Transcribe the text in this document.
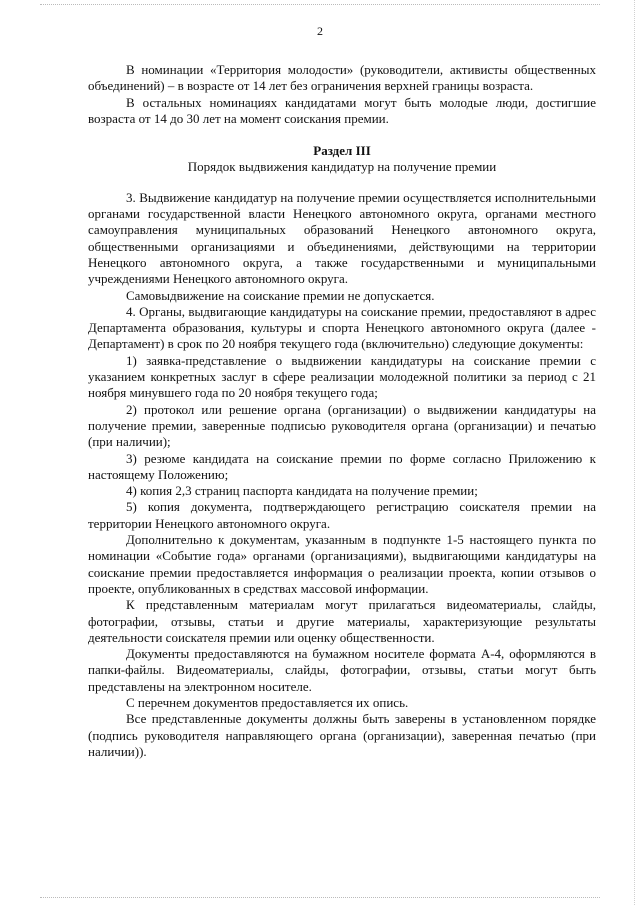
2

В номинации «Территория молодости» (руководители, активисты общественных объединений) – в возрасте от 14 лет без ограничения верхней границы возраста.

В остальных номинациях кандидатами могут быть молодые люди, достигшие возраста от 14 до 30 лет на момент соискания премии.

Раздел III

Порядок выдвижения кандидатур на получение премии

3. Выдвижение кандидатур на получение премии осуществляется исполнительными органами государственной власти Ненецкого автономного округа, органами местного самоуправления муниципальных образований Ненецкого автономного округа, общественными организациями и объединениями, действующими на территории Ненецкого автономного округа, а также государственными и муниципальными учреждениями Ненецкого автономного округа.

Самовыдвижение на соискание премии не допускается.

4. Органы, выдвигающие кандидатуры на соискание премии, предоставляют в адрес Департамента образования, культуры и спорта Ненецкого автономного округа (далее - Департамент) в срок по 20 ноября текущего года (включительно) следующие документы:

1) заявка-представление о выдвижении кандидатуры на соискание премии с указанием конкретных заслуг в сфере реализации молодежной политики за период с 21 ноября минувшего года по 20 ноября текущего года;

2) протокол или решение органа (организации) о выдвижении кандидатуры на получение премии, заверенные подписью руководителя органа (организации) и печатью (при наличии);

3) резюме кандидата на соискание премии по форме согласно Приложению к настоящему Положению;

4) копия 2,3 страниц паспорта кандидата на получение премии;

5) копия документа, подтверждающего регистрацию соискателя премии на территории Ненецкого автономного округа.

Дополнительно к документам, указанным в подпункте 1-5 настоящего пункта по номинации «Событие года» органами (организациями), выдвигающими кандидатуры на соискание премии предоставляется информация о реализации проекта, копии отзывов о проекте, опубликованных в средствах массовой информации.

К представленным материалам могут прилагаться видеоматериалы, слайды, фотографии, отзывы, статьи и другие материалы, характеризующие результаты деятельности соискателя премии или оценку общественности.

Документы предоставляются на бумажном носителе формата А-4, оформляются в папки-файлы. Видеоматериалы, слайды, фотографии, отзывы, статьи могут быть представлены на электронном носителе.

С перечнем документов предоставляется их опись.

Все представленные документы должны быть заверены в установленном порядке (подпись руководителя направляющего органа (организации), заверенная печатью (при наличии)).
